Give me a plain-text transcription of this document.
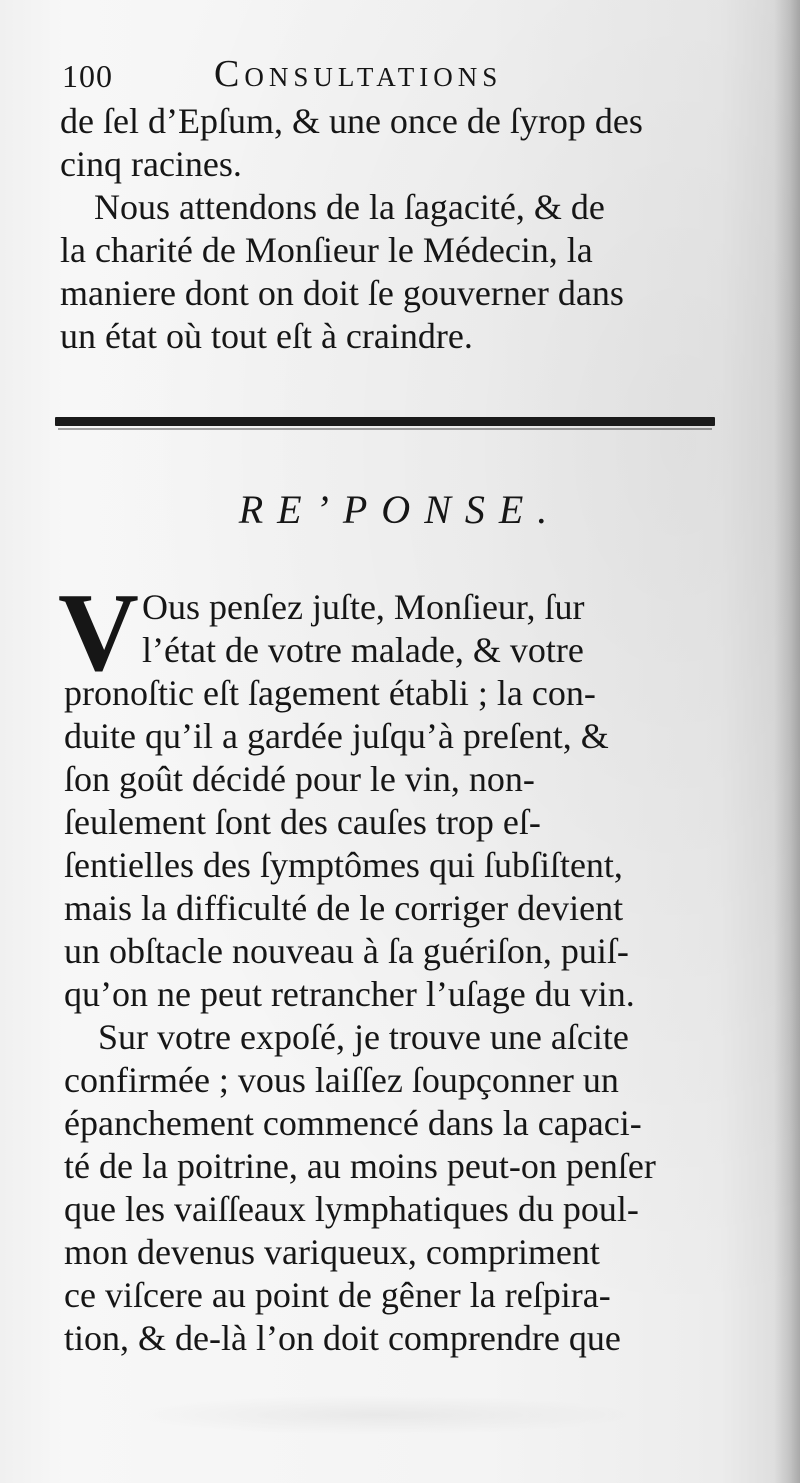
100	Consultations
de ſel d’Epſum, & une once de ſyrop des
cinq racines.
Nous attendons de la ſagacité, & de
la charité de Monſieur le Médecin, la
maniere dont on doit ſe gouverner dans
un état où tout eſt à craindre.
RE’PONSE.
V Ous penſez juſte, Monſieur, ſur
l’état de votre malade, & votre
pronoſtic eſt ſagement établi ; la con-
duite qu’il a gardée juſqu’à preſent, &
ſon goût décidé pour le vin, non-
ſeulement ſont des cauſes trop eſ-
ſentielles des ſymptômes qui ſubſiſtent,
mais la difficulté de le corriger devient
un obſtacle nouveau à ſa guériſon, puiſ-
qu’on ne peut retrancher l’uſage du vin.
Sur votre expoſé, je trouve une aſcite
confirmée ; vous laiſſez ſoupçonner un
épanchement commencé dans la capaci-
té de la poitrine, au moins peut-on penſer
que les vaiſſeaux lymphatiques du poul-
mon devenus variqueux, compriment
ce viſcere au point de gêner la reſpira-
tion, & de-là l’on doit comprendre que
